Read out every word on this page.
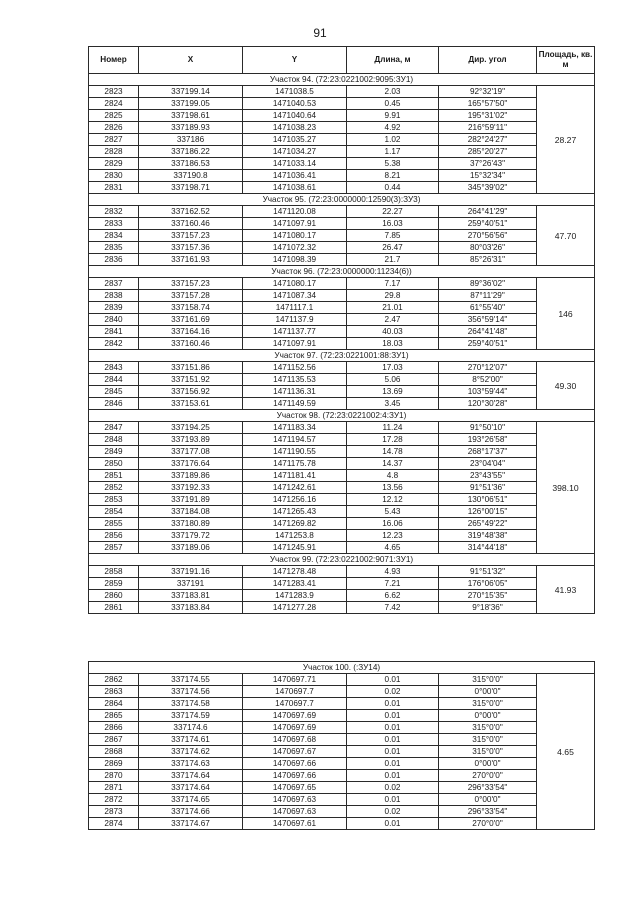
91
Номер	X	Y	Длина, м	Дир. угол	Площадь, кв. м
Участок 94. (72:23:0221002:9095:ЗУ1)					
2823	337199.14	1471038.5	2.03	92°32'19"	28.27
2824	337199.05	1471040.53	0.45	165°57'50"	
2825	337198.61	1471040.64	9.91	195°31'02"	
2826	337189.93	1471038.23	4.92	216°59'11"	
2827	337186	1471035.27	1.02	282°24'27"	
2828	337186.22	1471034.27	1.17	285°20'27"	
2829	337186.53	1471033.14	5.38	37°26'43"	
2830	337190.8	1471036.41	8.21	15°32'34"	
2831	337198.71	1471038.61	0.44	345°39'02"	
Участок 95. (72:23:0000000:12590(3):ЗУ3)					
2832	337162.52	1471120.08	22.27	264°41'29"	47.70
2833	337160.46	1471097.91	16.03	259°40'51"	
2834	337157.23	1471080.17	7.85	270°56'56"	
2835	337157.36	1471072.32	26.47	80°03'26"	
2836	337161.93	1471098.39	21.7	85°26'31"	
Участок 96. (72:23:0000000:11234(6))					
2837	337157.23	1471080.17	7.17	89°36'02"	146
2838	337157.28	1471087.34	29.8	87°11'29"	
2839	337158.74	1471117.1	21.01	61°55'40"	
2840	337161.69	1471137.9	2.47	356°59'14"	
2841	337164.16	1471137.77	40.03	264°41'48"	
2842	337160.46	1471097.91	18.03	259°40'51"	
Участок 97. (72:23:0221001:88:ЗУ1)					
2843	337151.86	1471152.56	17.03	270°12'07"	49.30
2844	337151.92	1471135.53	5.06	8°52'00"	
2845	337156.92	1471136.31	13.69	103°59'44"	
2846	337153.61	1471149.59	3.45	120°30'28"	
Участок 98. (72:23:0221002:4:ЗУ1)					
2847	337194.25	1471183.34	11.24	91°50'10"	398.10
2848	337193.89	1471194.57	17.28	193°26'58"	
2849	337177.08	1471190.55	14.78	268°17'37"	
2850	337176.64	1471175.78	14.37	23°04'04"	
2851	337189.86	1471181.41	4.8	23°43'55"	
2852	337192.33	1471242.61	13.56	91°51'36"	
2853	337191.89	1471256.16	12.12	130°06'51"	
2854	337184.08	1471265.43	5.43	126°00'15"	
2855	337180.89	1471269.82	16.06	265°49'22"	
2856	337179.72	1471253.8	12.23	319°48'38"	
2857	337189.06	1471245.91	4.65	314°44'18"	
Участок 99. (72:23:0221002:9071:ЗУ1)					
2858	337191.16	1471278.48	4.93	91°51'32"	41.93
2859	337191	1471283.41	7.21	176°06'05"	
2860	337183.81	1471283.9	6.62	270°15'35"	
2861	337183.84	1471277.28	7.42	9°18'36"	
Участок 100. (:ЗУ14)					
2862	337174.55	1470697.71	0.01	315°0'0"	4.65
2863	337174.56	1470697.7	0.02	0°00'0"	
2864	337174.58	1470697.7	0.01	315°0'0"	
2865	337174.59	1470697.69	0.01	0°00'0"	
2866	337174.6	1470697.69	0.01	315°0'0"	
2867	337174.61	1470697.68	0.01	315°0'0"	
2868	337174.62	1470697.67	0.01	315°0'0"	
2869	337174.63	1470697.66	0.01	0°00'0"	
2870	337174.64	1470697.66	0.01	270°0'0"	
2871	337174.64	1470697.65	0.02	296°33'54"	
2872	337174.65	1470697.63	0.01	0°00'0"	
2873	337174.66	1470697.63	0.02	296°33'54"	
2874	337174.67	1470697.61	0.01	270°0'0"	
